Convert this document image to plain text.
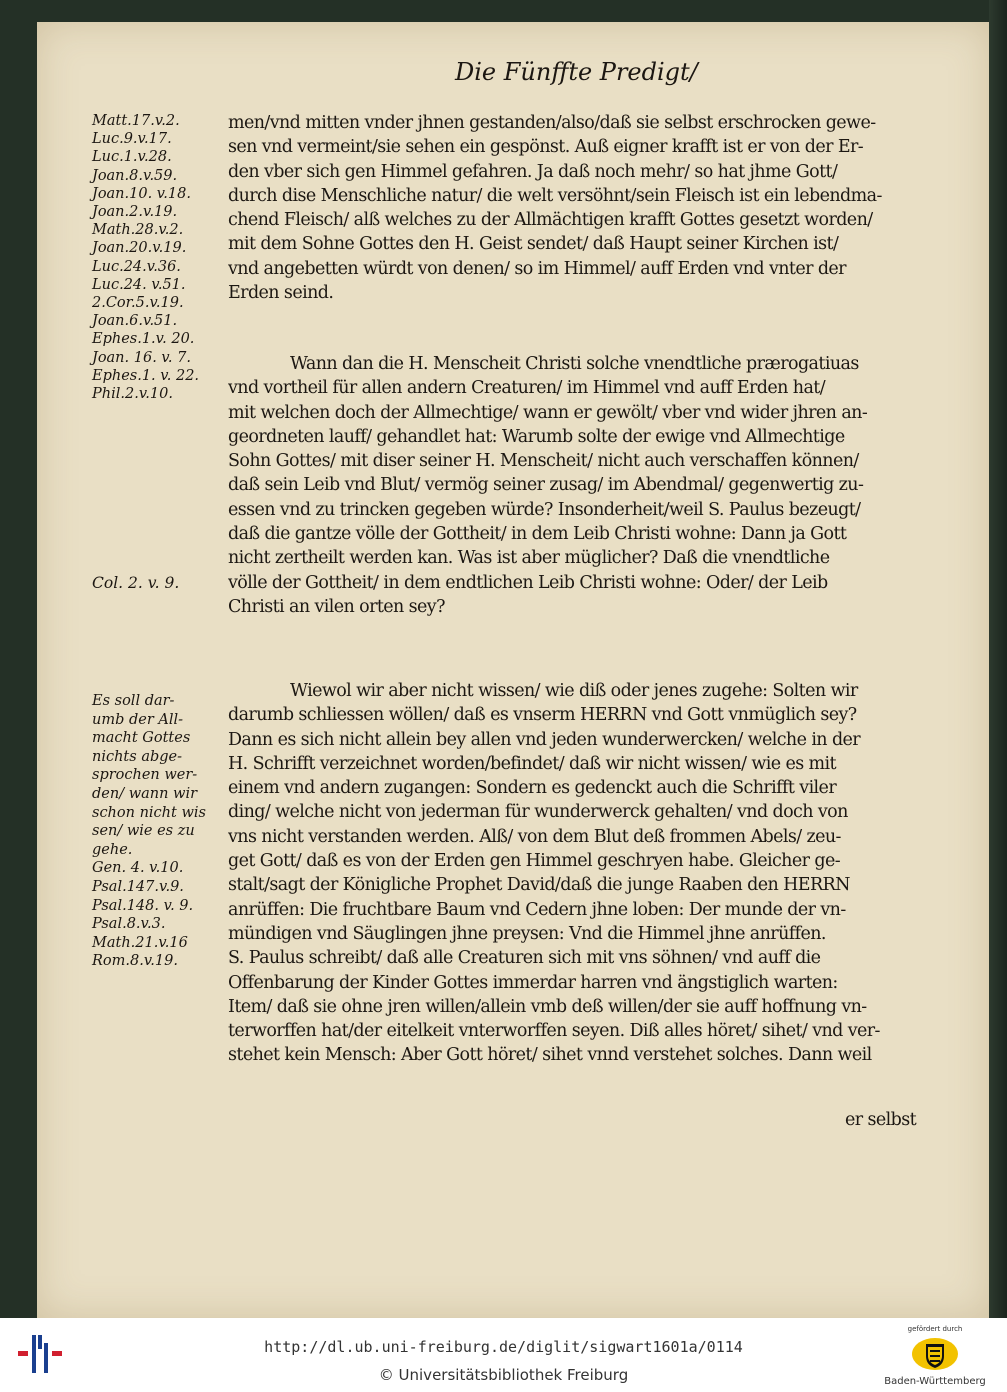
Die Fünffte Predigt/
Matt.17.v.2.
Luc.9.v.17.
Luc.1.v.28.
Joan.8.v.59.
Joan.10. v.18.
Joan.2.v.19.
Math.28.v.2.
Joan.20.v.19.
Luc.24.v.36.
Luc.24. v.51.
2.Cor.5.v.19.
Joan.6.v.51.
Ephes.1.v. 20.
Joan. 16. v. 7.
Ephes.1. v. 22.
Phil.2.v.10.
Col. 2. v. 9.
Es soll dar-
umb der All-
macht Gottes
nichts abge-
sprochen wer-
den/ wann wir
schon nicht wis
sen/ wie es zu
gehe.
Gen. 4. v.10.
Psal.147.v.9.
Psal.148. v. 9.
Psal.8.v.3.
Math.21.v.16
Rom.8.v.19.
men/vnd mitten vnder jhnen gestanden/also/daß sie selbst erschrocken gewe-
sen vnd vermeint/sie sehen ein gespönst. Auß eigner krafft ist er von der Er-
den vber sich gen Himmel gefahren. Ja daß noch mehr/ so hat jhme Gott/
durch dise Menschliche natur/ die welt versöhnt/sein Fleisch ist ein lebendma-
chend Fleisch/ alß welches zu der Allmächtigen krafft Gottes gesetzt worden/
mit dem Sohne Gottes den H. Geist sendet/ daß Haupt seiner Kirchen ist/
vnd angebetten würdt von denen/ so im Himmel/ auff Erden vnd vnter der
Erden seind.
Wann dan die H. Menscheit Christi solche vnendtliche prærogatiuas
vnd vortheil für allen andern Creaturen/ im Himmel vnd auff Erden hat/
mit welchen doch der Allmechtige/ wann er gewölt/ vber vnd wider jhren an-
geordneten lauff/ gehandlet hat: Warumb solte der ewige vnd Allmechtige
Sohn Gottes/ mit diser seiner H. Menscheit/ nicht auch verschaffen können/
daß sein Leib vnd Blut/ vermög seiner zusag/ im Abendmal/ gegenwertig zu-
essen vnd zu trincken gegeben würde? Insonderheit/weil S. Paulus bezeugt/
daß die gantze völle der Gottheit/ in dem Leib Christi wohne: Dann ja Gott
nicht zertheilt werden kan. Was ist aber müglicher? Daß die vnendtliche
völle der Gottheit/ in dem endtlichen Leib Christi wohne: Oder/ der Leib
Christi an vilen orten sey?
Wiewol wir aber nicht wissen/ wie diß oder jenes zugehe: Solten wir
darumb schliessen wöllen/ daß es vnserm HERRN vnd Gott vnmüglich sey?
Dann es sich nicht allein bey allen vnd jeden wunderwercken/ welche in der
H. Schrifft verzeichnet worden/befindet/ daß wir nicht wissen/ wie es mit
einem vnd andern zugangen: Sondern es gedenckt auch die Schrifft viler
ding/ welche nicht von jederman für wunderwerck gehalten/ vnd doch von
vns nicht verstanden werden. Alß/ von dem Blut deß frommen Abels/ zeu-
get Gott/ daß es von der Erden gen Himmel geschryen habe. Gleicher ge-
stalt/sagt der Königliche Prophet David/daß die junge Raaben den HERRN
anrüffen: Die fruchtbare Baum vnd Cedern jhne loben: Der munde der vn-
mündigen vnd Säuglingen jhne preysen: Vnd die Himmel jhne anrüffen.
S. Paulus schreibt/ daß alle Creaturen sich mit vns söhnen/ vnd auff die
Offenbarung der Kinder Gottes immerdar harren vnd ängstiglich warten:
Item/ daß sie ohne jren willen/allein vmb deß willen/der sie auff hoffnung vn-
terworffen hat/der eitelkeit vnterworffen seyen. Diß alles höret/ sihet/ vnd ver-
stehet kein Mensch: Aber Gott höret/ sihet vnnd verstehet solches. Dann weil
er selbst
http://dl.ub.uni-freiburg.de/diglit/sigwart1601a/0114
© Universitätsbibliothek Freiburg
gefördert durch
Baden-Württemberg
